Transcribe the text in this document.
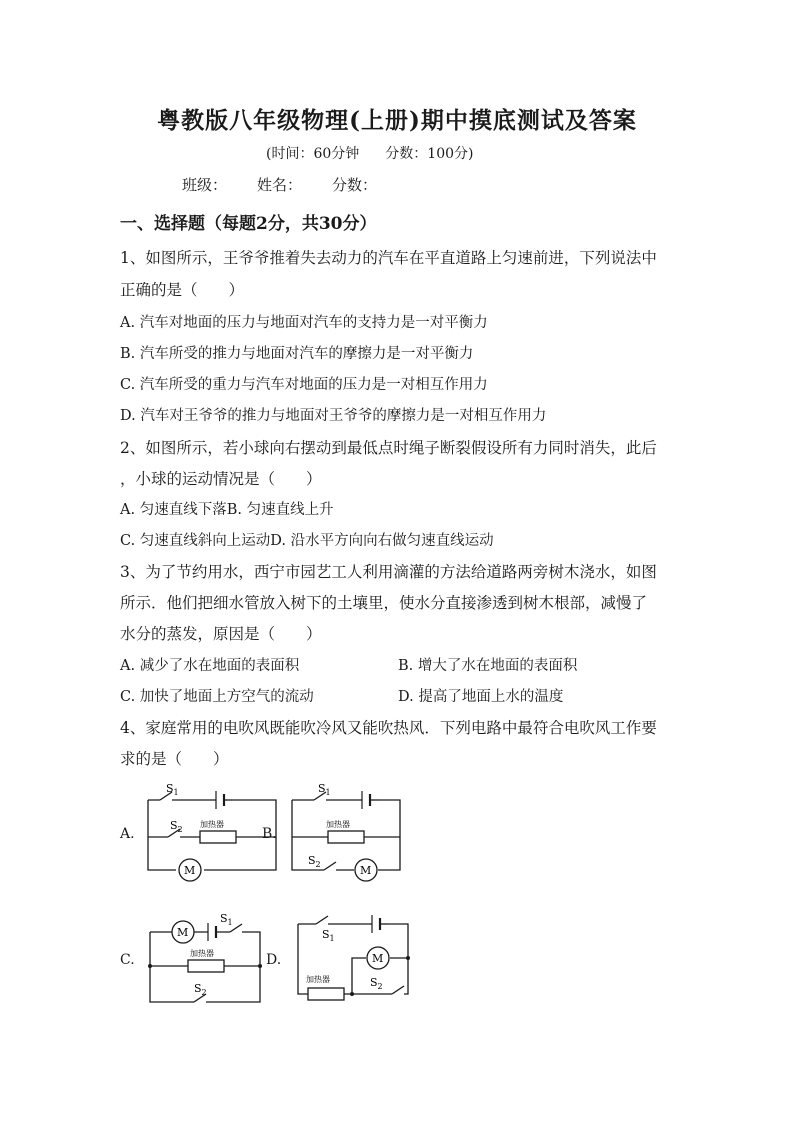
粤教版八年级物理(上册)期中摸底测试及答案
(时间：60分钟 分数：100分)
班级： 姓名： 分数：
一、选择题（每题2分，共30分）
1、如图所示，王爷爷推着失去动力的汽车在平直道路上匀速前进，下列说法中
正确的是（　　）
A. 汽车对地面的压力与地面对汽车的支持力是一对平衡力
B. 汽车所受的推力与地面对汽车的摩擦力是一对平衡力
C. 汽车所受的重力与汽车对地面的压力是一对相互作用力
D. 汽车对王爷爷的推力与地面对王爷爷的摩擦力是一对相互作用力
2、如图所示，若小球向右摆动到最低点时绳子断裂假设所有力同时消失，此后
，小球的运动情况是（　　）
A. 匀速直线下落B. 匀速直线上升
C. 匀速直线斜向上运动D. 沿水平方向向右做匀速直线运动
3、为了节约用水，西宁市园艺工人利用滴灌的方法给道路两旁树木浇水，如图
所示．他们把细水管放入树下的土壤里，使水分直接渗透到树木根部，减慢了
水分的蒸发，原因是（　　）
A. 减少了水在地面的表面积	B. 增大了水在地面的表面积
C. 加快了地面上方空气的流动	D. 提高了地面上水的温度
4、家庭常用的电吹风既能吹冷风又能吹热风．下列电路中最符合电吹风工作要
求的是（　　）
A.	B.
C.	D.
$S_1$
$S_2$
加热器
M
$S_1$
加热器
$S_2$	M
M
$S_1$
加热器
$S_2$
$S_1$
M
加热器	$S_2$
